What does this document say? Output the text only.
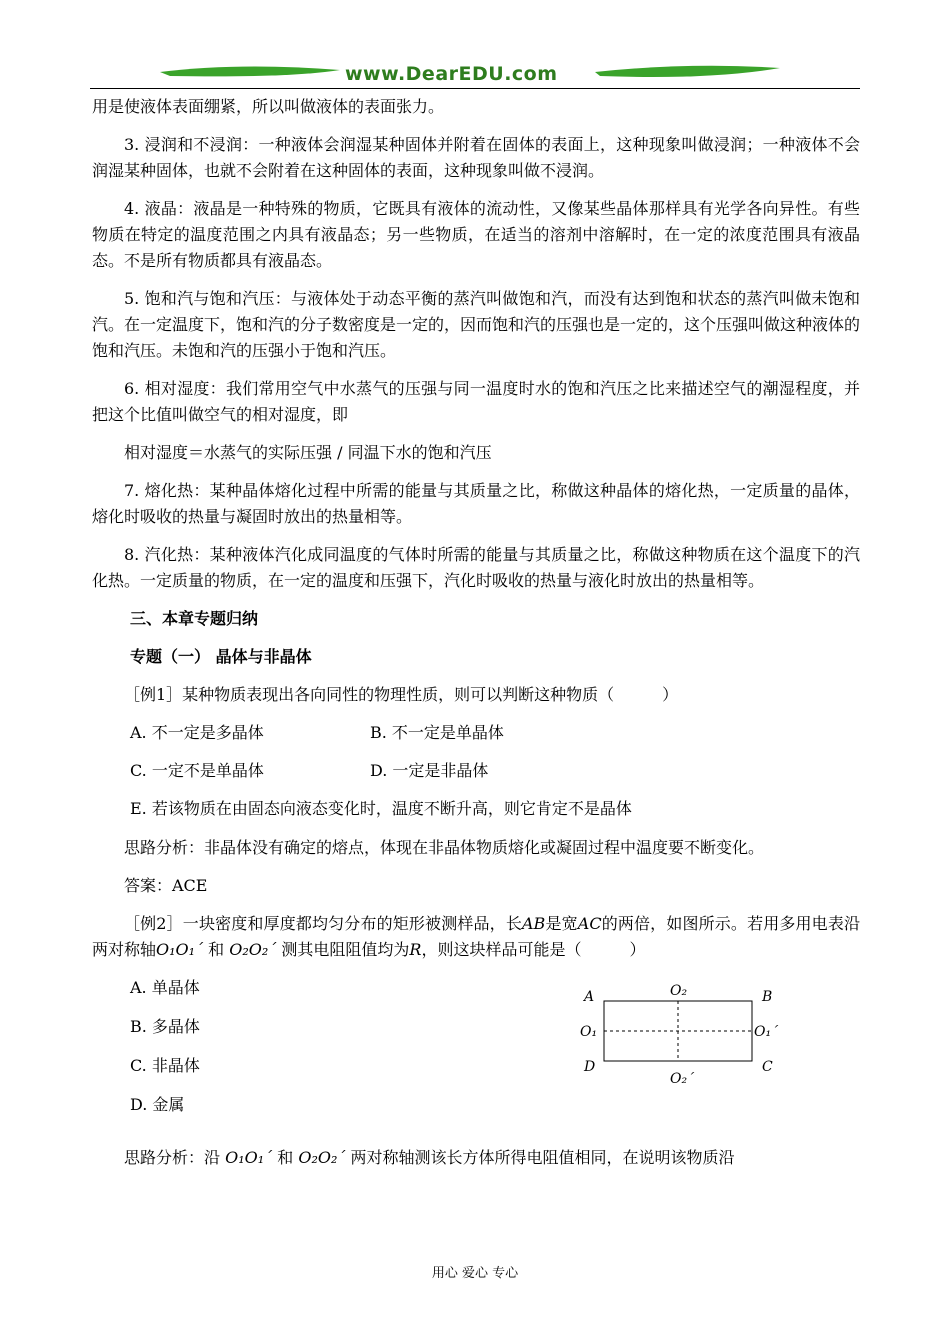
www.DearEDU.com

用是使液体表面绷紧，所以叫做液体的表面张力。

3. 浸润和不浸润：一种液体会润湿某种固体并附着在固体的表面上，这种现象叫做浸润；一种液体不会润湿某种固体，也就不会附着在这种固体的表面，这种现象叫做不浸润。

4. 液晶：液晶是一种特殊的物质，它既具有液体的流动性，又像某些晶体那样具有光学各向异性。有些物质在特定的温度范围之内具有液晶态；另一些物质，在适当的溶剂中溶解时，在一定的浓度范围具有液晶态。不是所有物质都具有液晶态。

5. 饱和汽与饱和汽压：与液体处于动态平衡的蒸汽叫做饱和汽，而没有达到饱和状态的蒸汽叫做未饱和汽。在一定温度下，饱和汽的分子数密度是一定的，因而饱和汽的压强也是一定的，这个压强叫做这种液体的饱和汽压。未饱和汽的压强小于饱和汽压。

6. 相对湿度：我们常用空气中水蒸气的压强与同一温度时水的饱和汽压之比来描述空气的潮湿程度，并把这个比值叫做空气的相对湿度，即

相对湿度＝水蒸气的实际压强 / 同温下水的饱和汽压

7. 熔化热：某种晶体熔化过程中所需的能量与其质量之比，称做这种晶体的熔化热，一定质量的晶体，熔化时吸收的热量与凝固时放出的热量相等。

8. 汽化热：某种液体汽化成同温度的气体时所需的能量与其质量之比，称做这种物质在这个温度下的汽化热。一定质量的物质，在一定的温度和压强下，汽化时吸收的热量与液化时放出的热量相等。

三、本章专题归纳
专题（一） 晶体与非晶体

［例1］某种物质表现出各向同性的物理性质，则可以判断这种物质（　　　）

A. 不一定是多晶体	B. 不一定是单晶体
C. 一定不是单晶体	D. 一定是非晶体
E. 若该物质在由固态向液态变化时，温度不断升高，则它肯定不是晶体

思路分析：非晶体没有确定的熔点，体现在非晶体物质熔化或凝固过程中温度要不断变化。

答案：ACE

［例2］一块密度和厚度都均匀分布的矩形被测样品，长AB是宽AC的两倍，如图所示。若用多用电表沿两对称轴O₁O₁´ 和 O₂O₂´ 测其电阻阻值均为R，则这块样品可能是（　　　）

A. 单晶体
B. 多晶体
C. 非晶体
D. 金属
A	B
C
D
O₁	O₁´
O₂
O₂´

思路分析：沿 O₁O₁´ 和 O₂O₂´ 两对称轴测该长方体所得电阻值相同，在说明该物质沿

用心 爱心 专心
